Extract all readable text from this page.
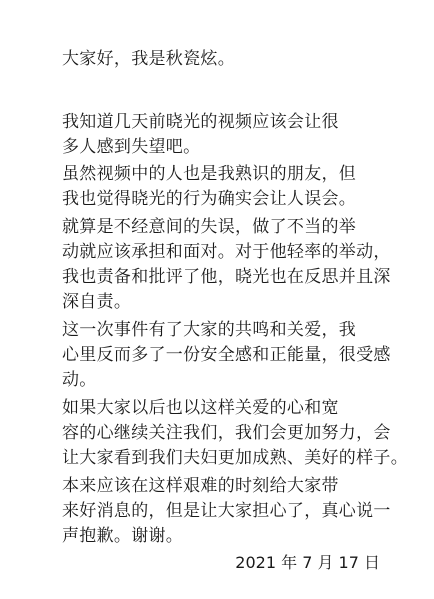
大家好，我是秋瓷炫。
我知道几天前晓光的视频应该会让很
多人感到失望吧。
虽然视频中的人也是我熟识的朋友，但
我也觉得晓光的行为确实会让人误会。
就算是不经意间的失误，做了不当的举
动就应该承担和面对。对于他轻率的举动，
我也责备和批评了他，晓光也在反思并且深
深自责。
这一次事件有了大家的共鸣和关爱，我
心里反而多了一份安全感和正能量，很受感
动。
如果大家以后也以这样关爱的心和宽
容的心继续关注我们，我们会更加努力，会
让大家看到我们夫妇更加成熟、美好的样子。
本来应该在这样艰难的时刻给大家带
来好消息的，但是让大家担心了，真心说一
声抱歉。谢谢。
2021 年 7 月 17 日
